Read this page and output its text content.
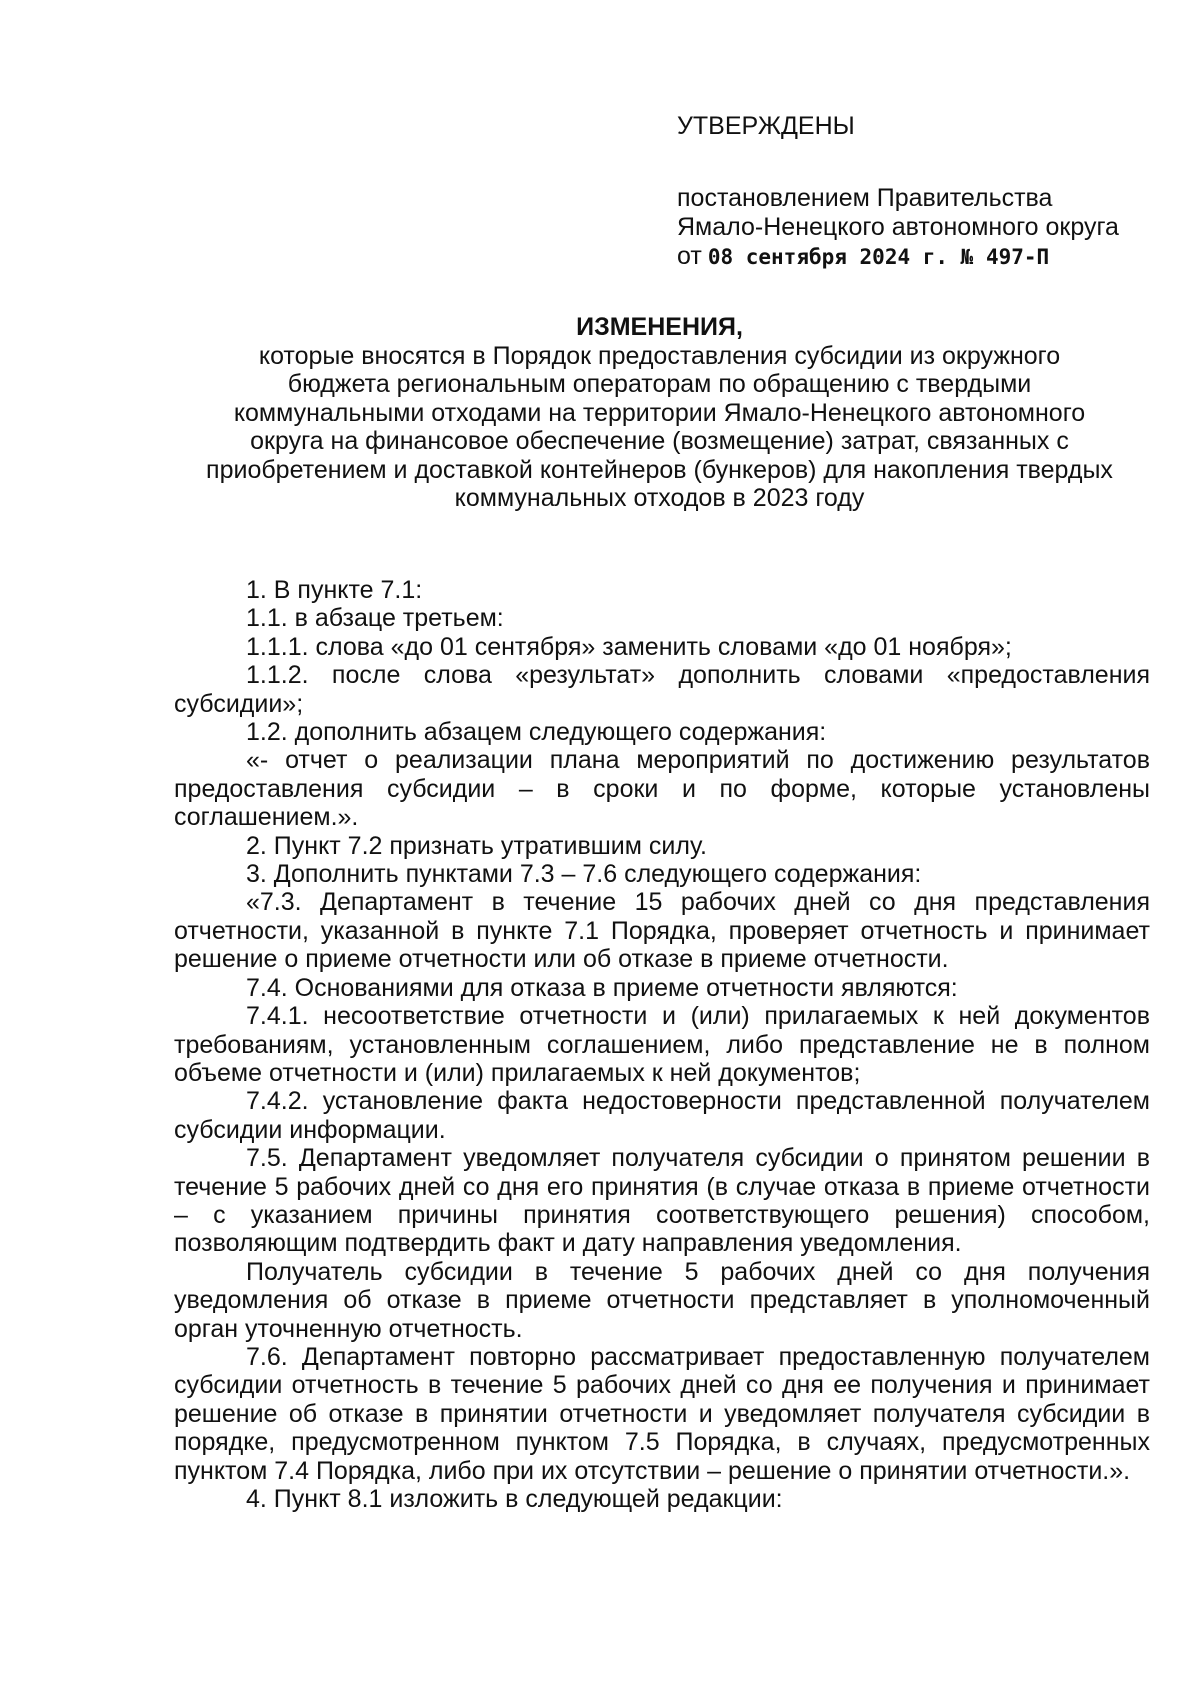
УТВЕРЖДЕНЫ
постановлением Правительства
Ямало-Ненецкого автономного округа
от 08 сентября 2024 г. № 497-П
ИЗМЕНЕНИЯ,
которые вносятся в Порядок предоставления субсидии из окружного
бюджета региональным операторам по обращению с твердыми
коммунальными отходами на территории Ямало-Ненецкого автономного
округа на финансовое обеспечение (возмещение) затрат, связанных с
приобретением и доставкой контейнеров (бункеров) для накопления твердых
коммунальных отходов в 2023 году

1. В пункте 7.1:

1.1. в абзаце третьем:

1.1.1. слова «до 01 сентября» заменить словами «до 01 ноября»;

1.1.2. после слова «результат» дополнить словами «предоставления субсидии»;

1.2. дополнить абзацем следующего содержания:

«- отчет о реализации плана мероприятий по достижению результатов предоставления субсидии – в сроки и по форме, которые установлены соглашением.».

2. Пункт 7.2 признать утратившим силу.

3. Дополнить пунктами 7.3 – 7.6 следующего содержания:

«7.3. Департамент в течение 15 рабочих дней со дня представления отчетности, указанной в пункте 7.1 Порядка, проверяет отчетность и принимает решение о приеме отчетности или об отказе в приеме отчетности.

7.4. Основаниями для отказа в приеме отчетности являются:

7.4.1. несоответствие отчетности и (или) прилагаемых к ней документов требованиям, установленным соглашением, либо представление не в полном объеме отчетности и (или) прилагаемых к ней документов;

7.4.2. установление факта недостоверности представленной получателем субсидии информации.

7.5. Департамент уведомляет получателя субсидии о принятом решении в течение 5 рабочих дней со дня его принятия (в случае отказа в приеме отчетности – с указанием причины принятия соответствующего решения) способом, позволяющим подтвердить факт и дату направления уведомления.

Получатель субсидии в течение 5 рабочих дней со дня получения уведомления об отказе в приеме отчетности представляет в уполномоченный орган уточненную отчетность.

7.6. Департамент повторно рассматривает предоставленную получателем субсидии отчетность в течение 5 рабочих дней со дня ее получения и принимает решение об отказе в принятии отчетности и уведомляет получателя субсидии в порядке, предусмотренном пунктом 7.5 Порядка, в случаях, предусмотренных пунктом 7.4 Порядка, либо при их отсутствии – решение о принятии отчетности.».

4. Пункт 8.1 изложить в следующей редакции:
